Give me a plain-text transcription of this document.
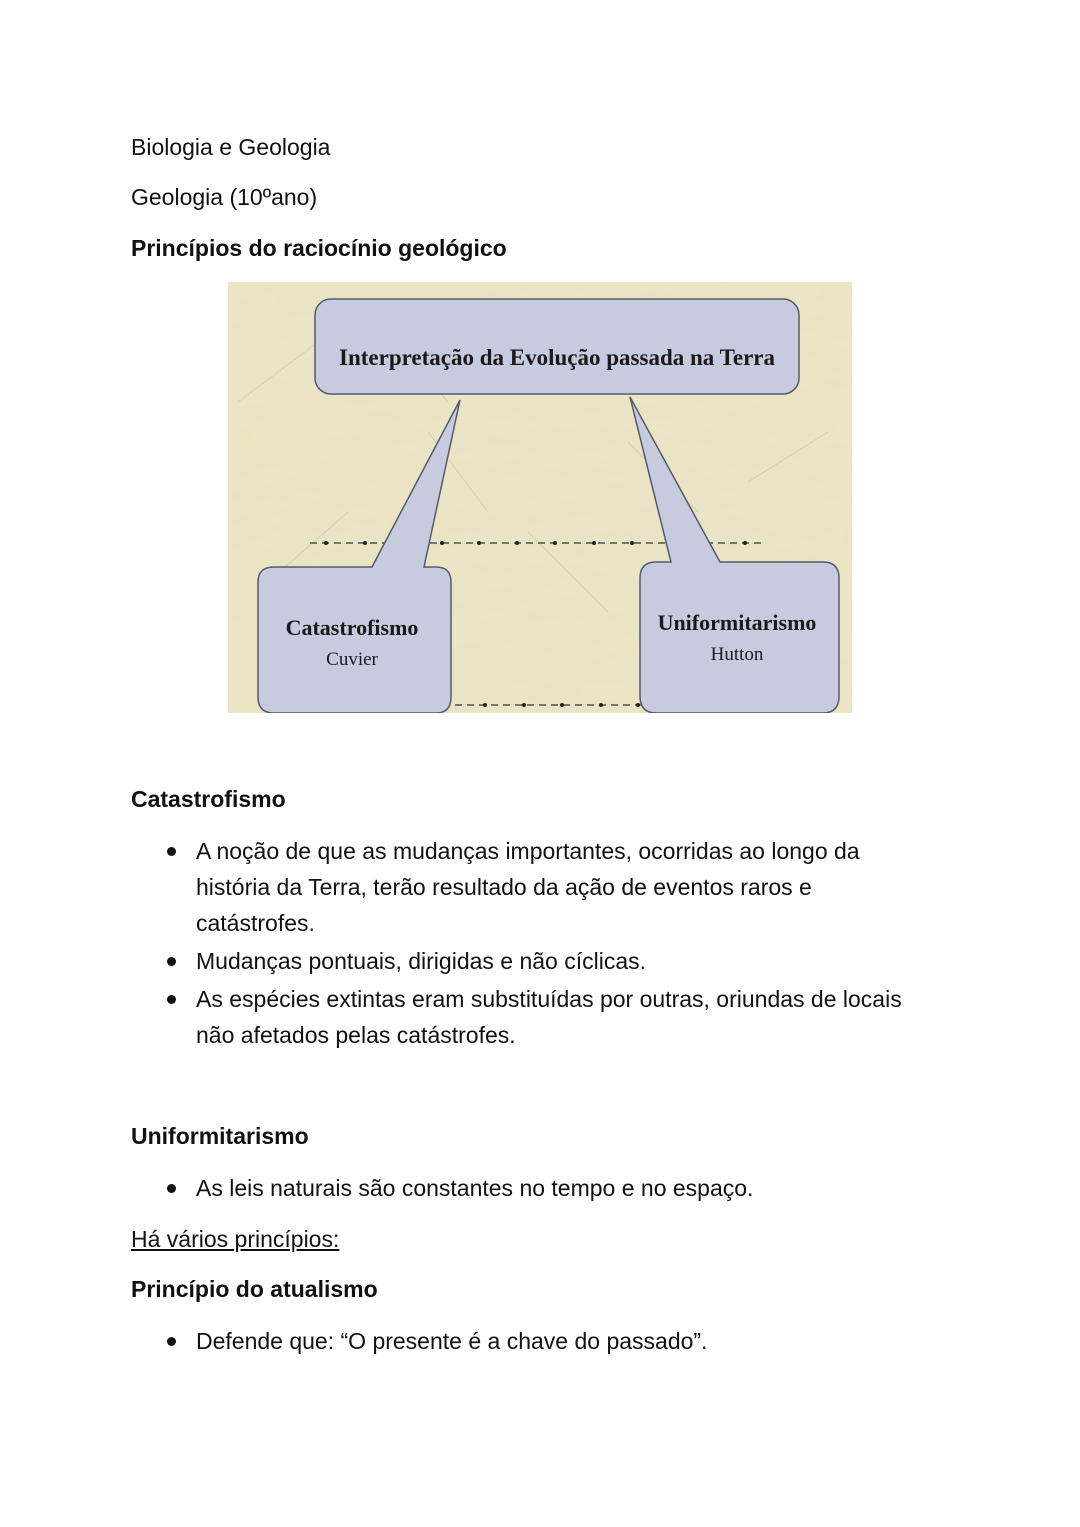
Biologia e Geologia

Geologia (10ºano)

Princípios do raciocínio geológico

Interpretação da Evolução passada na Terra
Catastrofismo
Cuvier
Uniformitarismo
Hutton

Catastrofismo

A noção de que as mudanças importantes, ocorridas ao longo da história da Terra, terão resultado da ação de eventos raros e catástrofes.
Mudanças pontuais, dirigidas e não cíclicas.
As espécies extintas eram substituídas por outras, oriundas de locais não afetados pelas catástrofes.

Uniformitarismo

As leis naturais são constantes no tempo e no espaço.

Há vários princípios:

Princípio do atualismo

Defende que: “O presente é a chave do passado”.
